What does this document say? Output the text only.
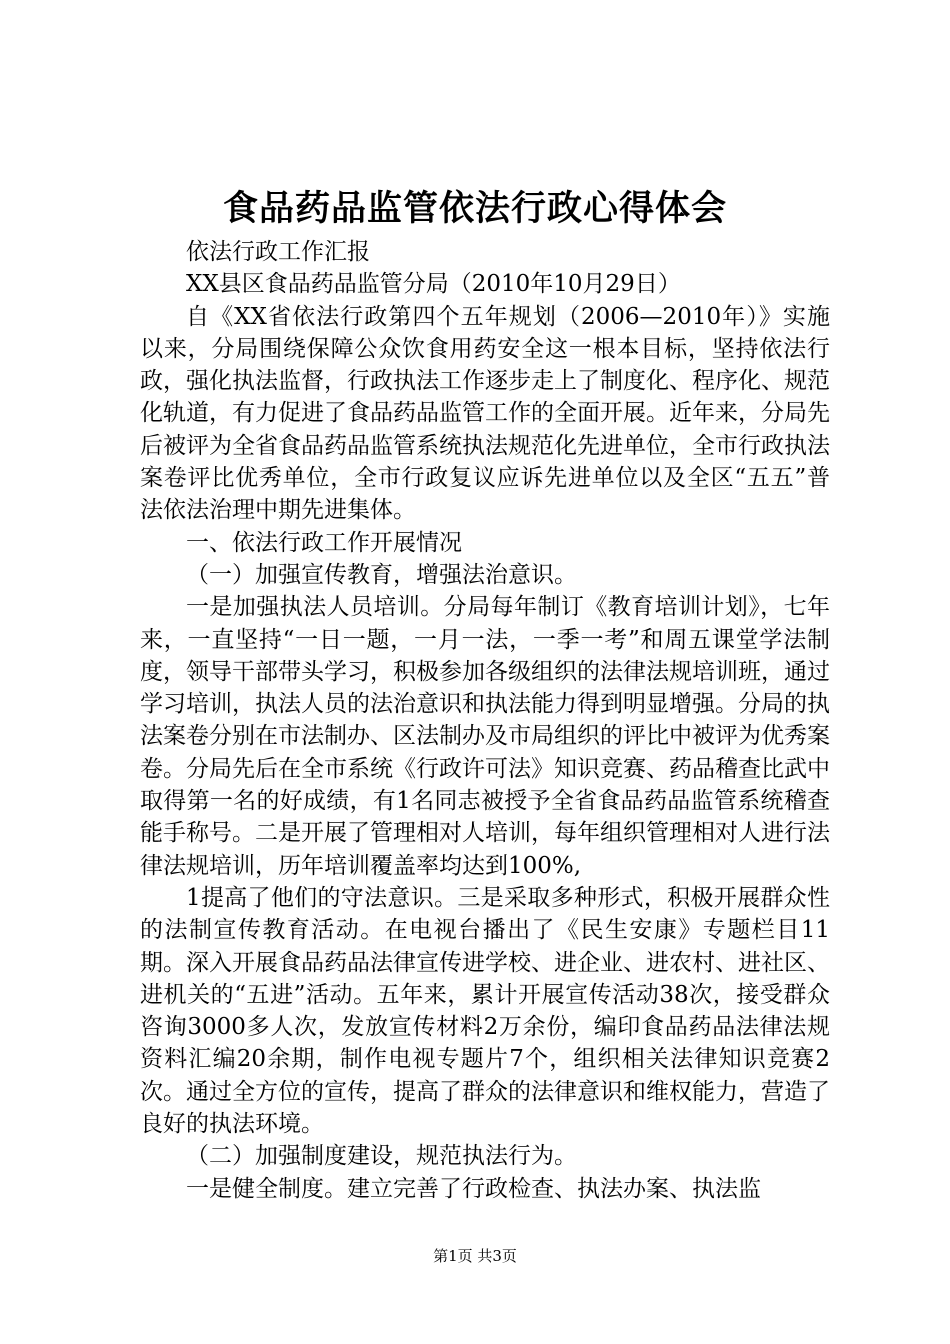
食品药品监管依法行政心得体会

依法行政工作汇报

XX县区食品药品监管分局（2010年10月29日）

自《XX省依法行政第四个五年规划（2006—2010年）》实施以来，分局围绕保障公众饮食用药安全这一根本目标，坚持依法行政，强化执法监督，行政执法工作逐步走上了制度化、程序化、规范化轨道，有力促进了食品药品监管工作的全面开展。近年来，分局先后被评为全省食品药品监管系统执法规范化先进单位，全市行政执法案卷评比优秀单位，全市行政复议应诉先进单位以及全区“五五”普法依法治理中期先进集体。

一、依法行政工作开展情况

（一）加强宣传教育，增强法治意识。

一是加强执法人员培训。分局每年制订《教育培训计划》，七年来，一直坚持“一日一题，一月一法，一季一考”和周五课堂学法制度，领导干部带头学习，积极参加各级组织的法律法规培训班，通过学习培训，执法人员的法治意识和执法能力得到明显增强。分局的执法案卷分别在市法制办、区法制办及市局组织的评比中被评为优秀案卷。分局先后在全市系统《行政许可法》知识竞赛、药品稽查比武中取得第一名的好成绩，有1名同志被授予全省食品药品监管系统稽查能手称号。二是开展了管理相对人培训，每年组织管理相对人进行法律法规培训，历年培训覆盖率均达到100%,

1提高了他们的守法意识。三是采取多种形式，积极开展群众性的法制宣传教育活动。在电视台播出了《民生安康》专题栏目11期。深入开展食品药品法律宣传进学校、进企业、进农村、进社区、进机关的“五进”活动。五年来，累计开展宣传活动38次，接受群众咨询3000多人次，发放宣传材料2万余份，编印食品药品法律法规资料汇编20余期，制作电视专题片7个，组织相关法律知识竞赛2次。通过全方位的宣传，提高了群众的法律意识和维权能力，营造了良好的执法环境。

（二）加强制度建设，规范执法行为。

一是健全制度。建立完善了行政检查、执法办案、执法监

第1页 共3页
